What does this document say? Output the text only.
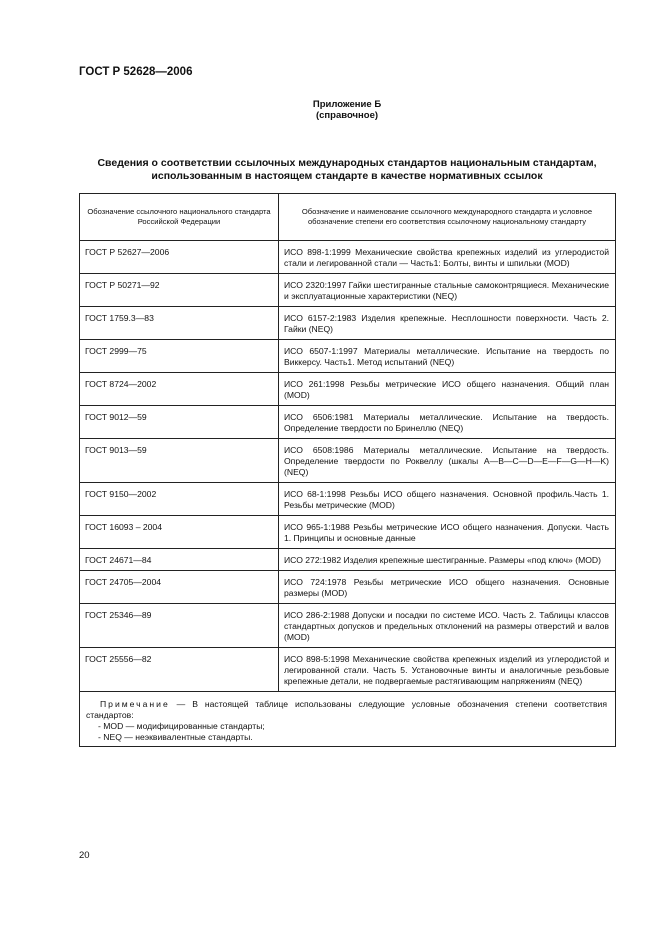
ГОСТ Р 52628—2006
Приложение Б
(справочное)
Сведения о соответствии ссылочных международных стандартов национальным стандартам,
использованным в настоящем стандарте в качестве нормативных ссылок
Обозначение ссылочного национального стандарта Российской Федерации	Обозначение и наименование ссылочного международного стандарта и условное обозначение степени его соответствия ссылочному национальному стандарту
ГОСТ Р 52627—2006	ИСО 898-1:1999 Механические свойства крепежных изделий из углеродистой стали и легированной стали — Часть1: Болты, винты и шпильки (MOD)
ГОСТ Р 50271—92	ИСО 2320:1997 Гайки шестигранные стальные самоконтрящиеся. Механические и эксплуатационные характеристики (NEQ)
ГОСТ 1759.3—83	ИСО 6157-2:1983 Изделия крепежные. Несплошности поверхности. Часть 2. Гайки (NEQ)
ГОСТ 2999—75	ИСО 6507-1:1997 Материалы металлические. Испытание на твердость по Виккерсу. Часть1. Метод испытаний (NEQ)
ГОСТ 8724—2002	ИСО 261:1998 Резьбы метрические ИСО общего назначения. Общий план (MOD)
ГОСТ 9012—59	ИСО 6506:1981 Материалы металлические. Испытание на твердость. Определение твердости по Бринеллю (NEQ)
ГОСТ 9013—59	ИСО 6508:1986 Материалы металлические. Испытание на твердость. Определение твердости по Роквеллу (шкалы A—B—C—D—E—F—G—H—K) (NEQ)
ГОСТ 9150—2002	ИСО 68-1:1998 Резьбы ИСО общего назначения. Основной профиль.Часть 1. Резьбы метрические (MOD)
ГОСТ 16093 – 2004	ИСО 965-1:1988 Резьбы метрические ИСО общего назначения. Допуски. Часть 1. Принципы и основные данные
ГОСТ 24671—84	ИСО 272:1982 Изделия крепежные шестигранные. Размеры «под ключ» (MOD)
ГОСТ 24705—2004	ИСО 724:1978 Резьбы метрические ИСО общего назначения. Основные размеры (MOD)
ГОСТ 25346—89	ИСО 286-2:1988 Допуски и посадки по системе ИСО. Часть 2. Таблицы классов стандартных допусков и предельных отклонений на размеры отверстий и валов (MOD)
ГОСТ 25556—82	ИСО 898-5:1998 Механические свойства крепежных изделий из углеродистой и легированной стали. Часть 5. Установочные винты и аналогичные резьбовые крепежные детали, не подвергаемые растягивающим напряжениям (NEQ)

Примечание — В настоящей таблице использованы следующие условные обозначения степени соответствия стандартов:
- MOD — модифицированные стандарты;
- NEQ — неэквивалентные стандарты.	
20
